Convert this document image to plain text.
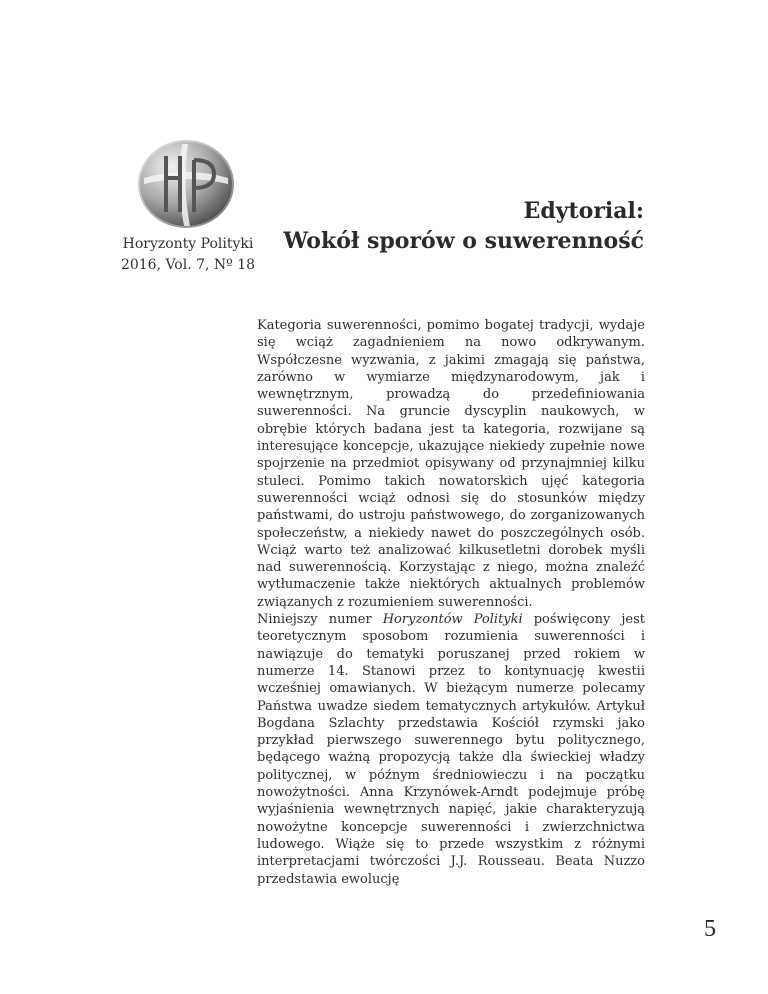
Horyzonty Polityki
2016, Vol. 7, Nº 18
Edytorial:
Wokół sporów o suwerenność

Kategoria suwerenności, pomimo bogatej tradycji, wydaje się wciąż zagadnieniem na nowo odkrywanym. Współczesne wyzwania, z jakimi zmagają się państwa, zarówno w wymiarze międzynarodowym, jak i wewnętrznym, prowadzą do przedefiniowania suwerenności. Na gruncie dyscyplin naukowych, w obrębie których badana jest ta kategoria, rozwijane są interesujące koncepcje, ukazujące niekiedy zupełnie nowe spojrzenie na przedmiot opisywany od przynajmniej kilku stuleci. Pomimo takich nowatorskich ujęć kategoria suwerenności wciąż odnosi się do stosunków między państwami, do ustroju państwowego, do zorganizowanych społeczeństw, a niekiedy nawet do poszczególnych osób. Wciąż warto też analizować kilkusetletni dorobek myśli nad suwerennością. Korzystając z niego, można znaleźć wytłumaczenie także niektórych aktualnych problemów związanych z rozumieniem suwerenności.

Niniejszy numer Horyzontów Polityki poświęcony jest teoretycznym sposobom rozumienia suwerenności i nawiązuje do tematyki poruszanej przed rokiem w numerze 14. Stanowi przez to kontynuację kwestii wcześniej omawianych. W bieżącym numerze polecamy Państwa uwadze siedem tematycznych artykułów. Artykuł Bogdana Szlachty przedstawia Kościół rzymski jako przykład pierwszego suwerennego bytu politycznego, będącego ważną propozycją także dla świeckiej władzy politycznej, w późnym średniowieczu i na początku nowożytności. Anna Krzynówek-Arndt podejmuje próbę wyjaśnienia wewnętrznych napięć, jakie charakteryzują nowożytne koncepcje suwerenności i zwierzchnictwa ludowego. Wiąże się to przede wszystkim z różnymi interpretacjami twórczości J.J. Rousseau. Beata Nuzzo przedstawia ewolucję

5
